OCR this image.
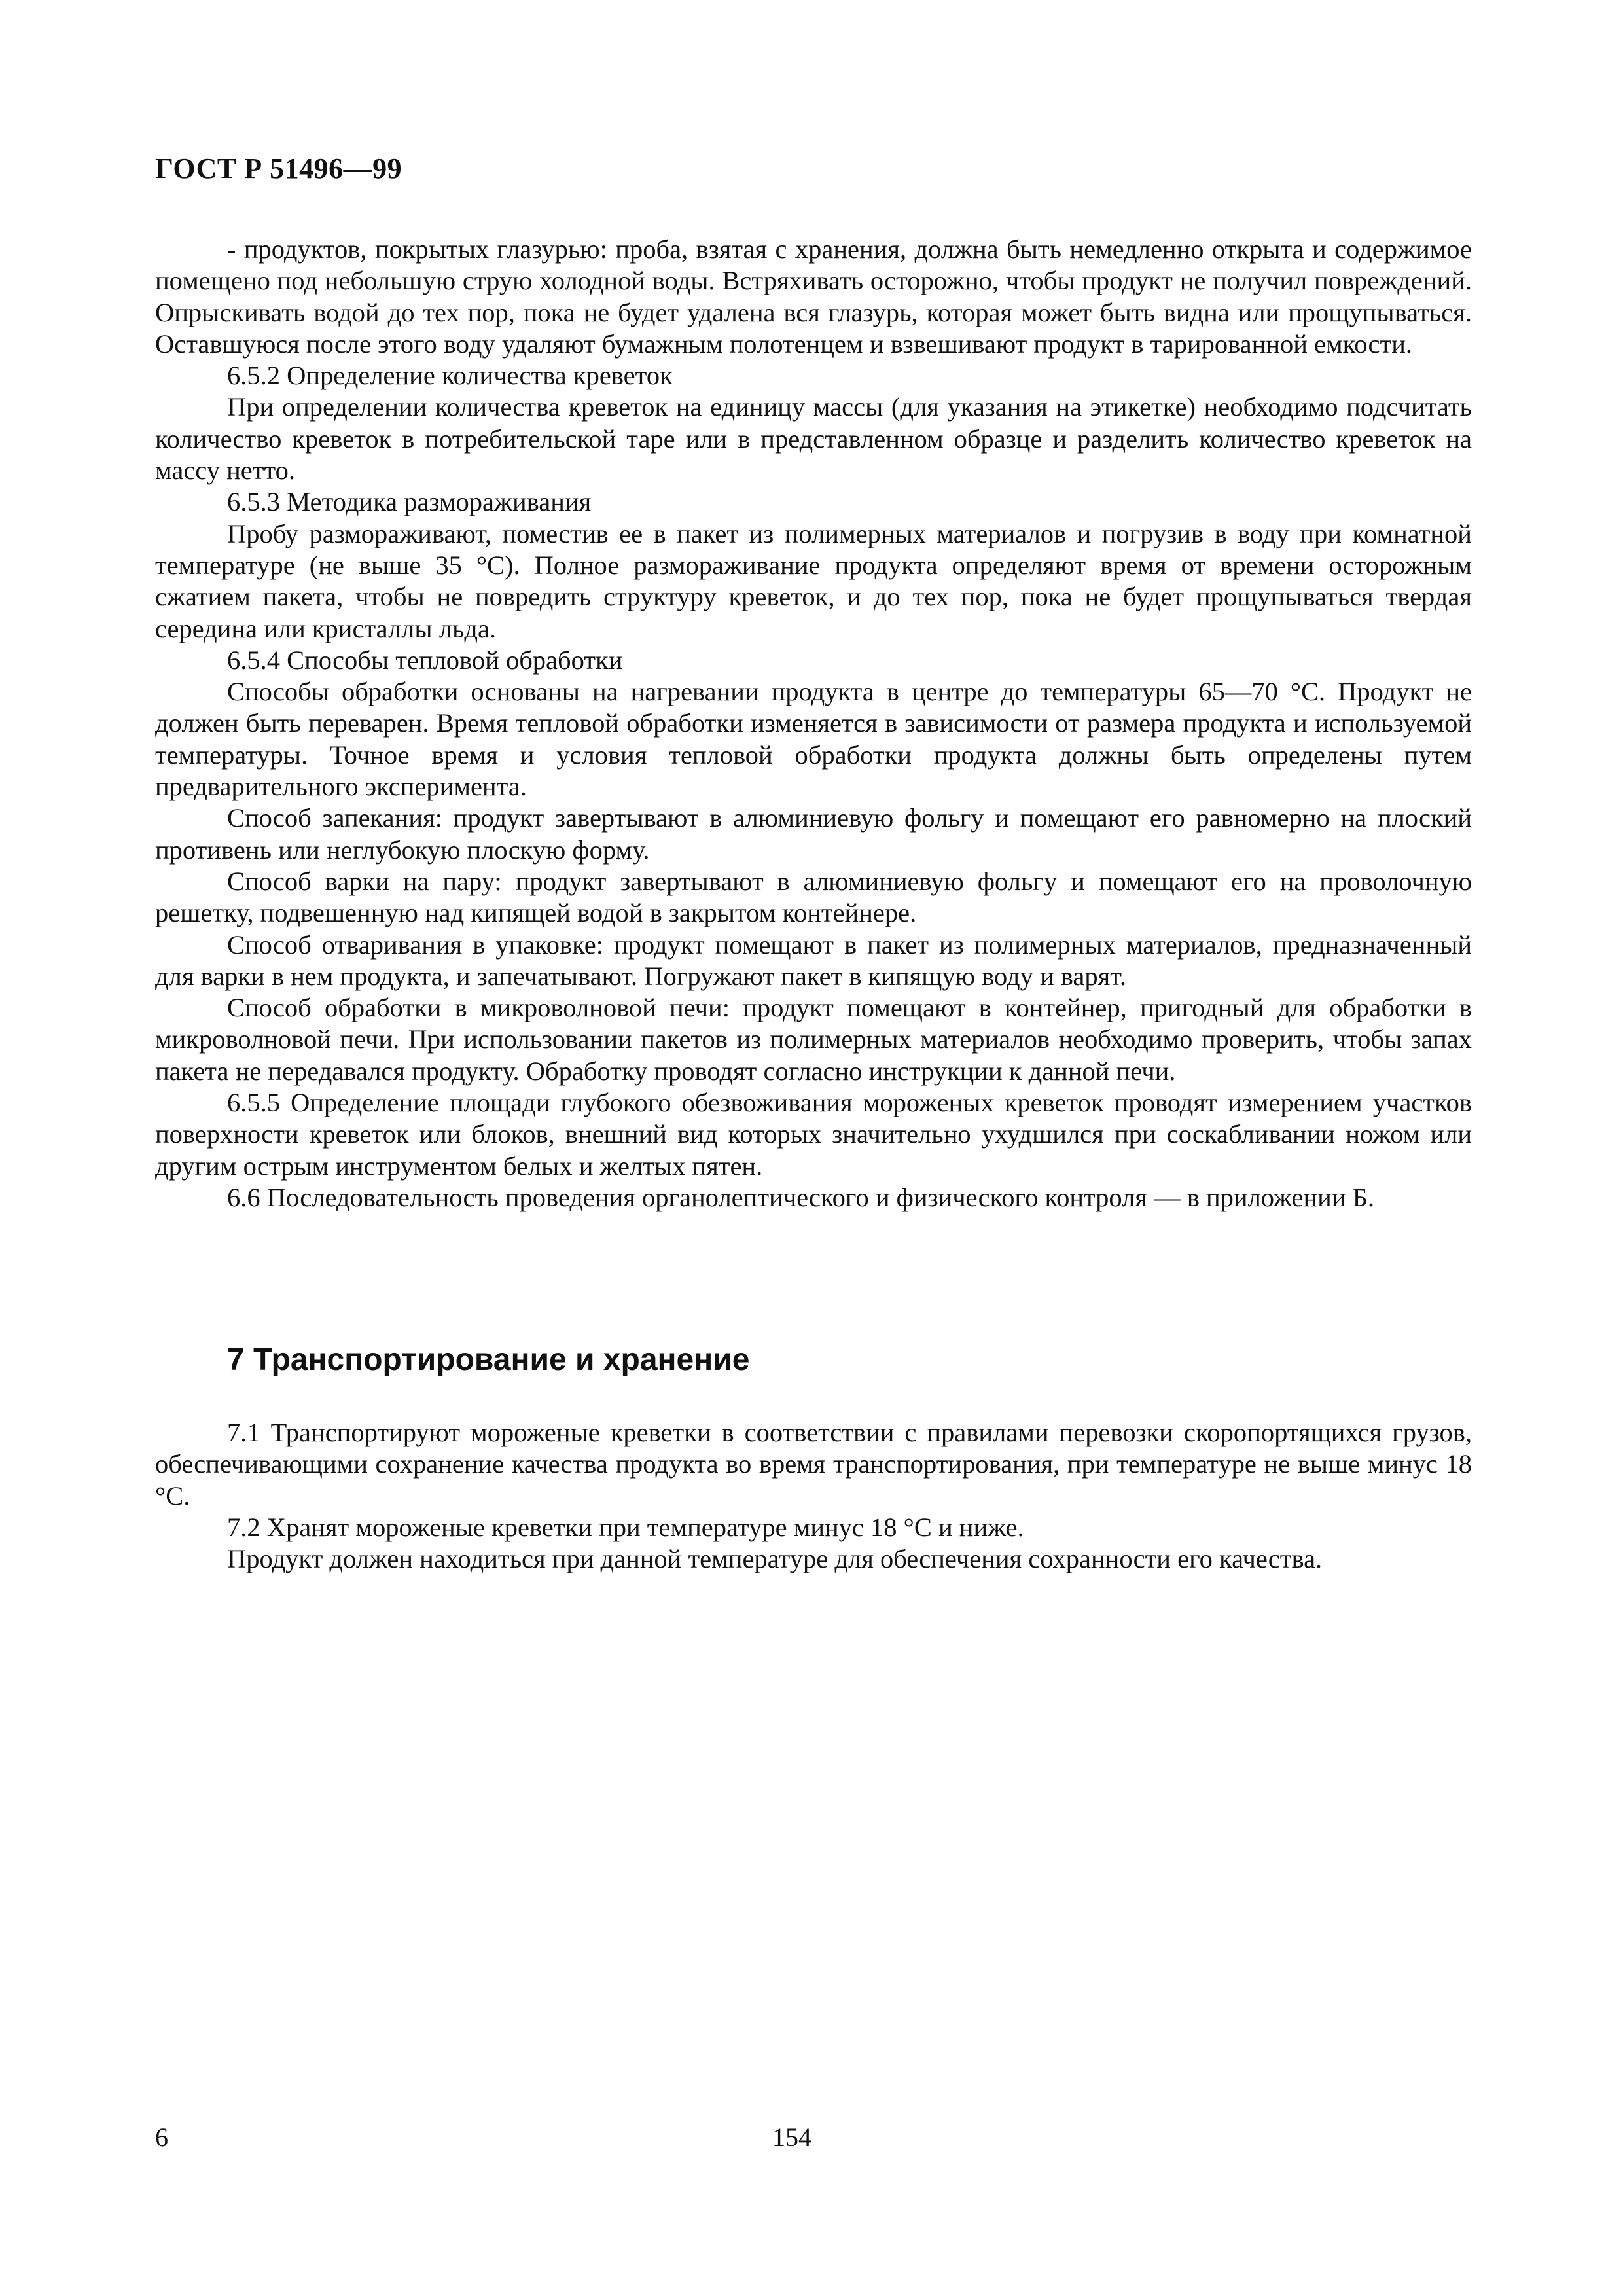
ГОСТ Р 51496—99

- продуктов, покрытых глазурью: проба, взятая с хранения, должна быть немедленно открыта и содержимое помещено под небольшую струю холодной воды. Встряхивать осторожно, чтобы продукт не получил повреждений. Опрыскивать водой до тех пор, пока не будет удалена вся глазурь, которая может быть видна или прощупываться. Оставшуюся после этого воду удаляют бумажным полотенцем и взвешивают продукт в тарированной емкости.

6.5.2 Определение количества креветок

При определении количества креветок на единицу массы (для указания на этикетке) необходимо подсчитать количество креветок в потребительской таре или в представленном образце и разделить количество креветок на массу нетто.

6.5.3 Методика размораживания

Пробу размораживают, поместив ее в пакет из полимерных материалов и погрузив в воду при комнатной температуре (не выше 35 °С). Полное размораживание продукта определяют время от времени осторожным сжатием пакета, чтобы не повредить структуру креветок, и до тех пор, пока не будет прощупываться твердая середина или кристаллы льда.

6.5.4 Способы тепловой обработки

Способы обработки основаны на нагревании продукта в центре до температуры 65—70 °С. Продукт не должен быть переварен. Время тепловой обработки изменяется в зависимости от размера продукта и используемой температуры. Точное время и условия тепловой обработки продукта должны быть определены путем предварительного эксперимента.

Способ запекания: продукт завертывают в алюминиевую фольгу и помещают его равномерно на плоский противень или неглубокую плоскую форму.

Способ варки на пару: продукт завертывают в алюминиевую фольгу и помещают его на проволочную решетку, подвешенную над кипящей водой в закрытом контейнере.

Способ отваривания в упаковке: продукт помещают в пакет из полимерных материалов, предназначенный для варки в нем продукта, и запечатывают. Погружают пакет в кипящую воду и варят.

Способ обработки в микроволновой печи: продукт помещают в контейнер, пригодный для обработки в микроволновой печи. При использовании пакетов из полимерных материалов необходимо проверить, чтобы запах пакета не передавался продукту. Обработку проводят согласно инструкции к данной печи.

6.5.5 Определение площади глубокого обезвоживания мороженых креветок проводят измерением участков поверхности креветок или блоков, внешний вид которых значительно ухудшился при соскабливании ножом или другим острым инструментом белых и желтых пятен.

6.6 Последовательность проведения органолептического и физического контроля — в приложении Б.

7 Транспортирование и хранение

7.1 Транспортируют мороженые креветки в соответствии с правилами перевозки скоропортящихся грузов, обеспечивающими сохранение качества продукта во время транспортирования, при температуре не выше минус 18 °С.

7.2 Хранят мороженые креветки при температуре минус 18 °С и ниже.

Продукт должен находиться при данной температуре для обеспечения сохранности его качества.

6	154
